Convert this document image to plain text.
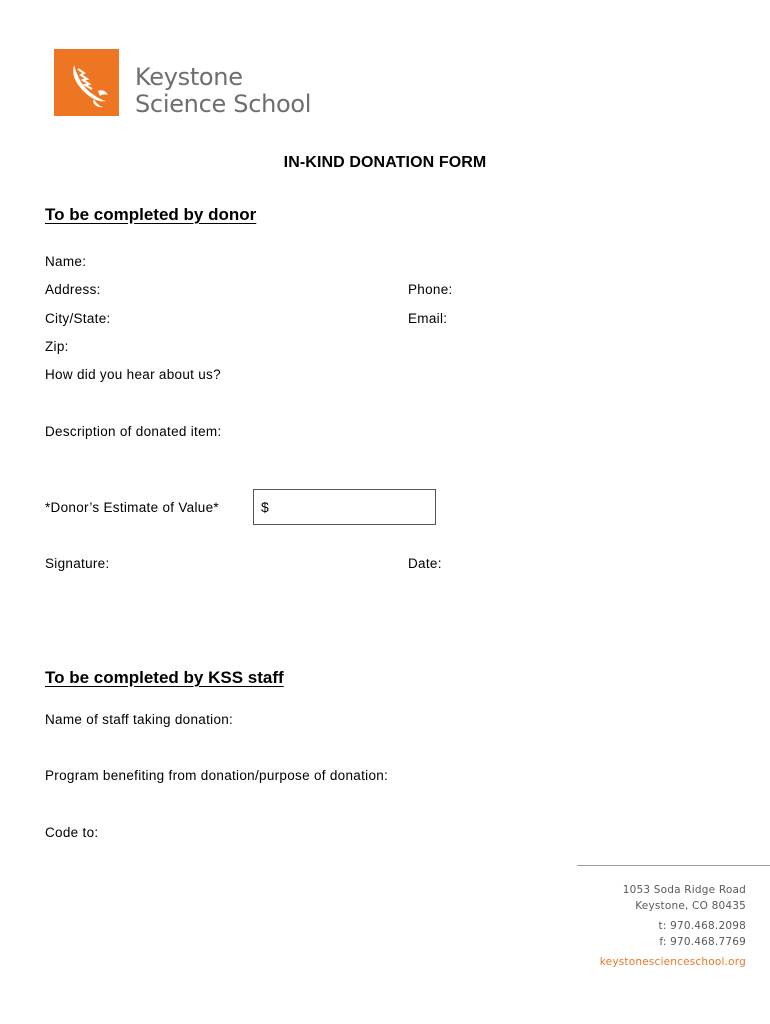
Keystone
Science School
IN-KIND DONATION FORM
To be completed by donor
Name:
Address:	Phone:
City/State:	Email:
Zip:
How did you hear about us?
Description of donated item:
*Donor’s Estimate of Value*	$
Signature:	Date:
To be completed by KSS staff
Name of staff taking donation:
Program benefiting from donation/purpose of donation:
Code to:
1053 Soda Ridge Road
Keystone, CO 80435
t: 970.468.2098
f: 970.468.7769
keystonescienceschool.org
